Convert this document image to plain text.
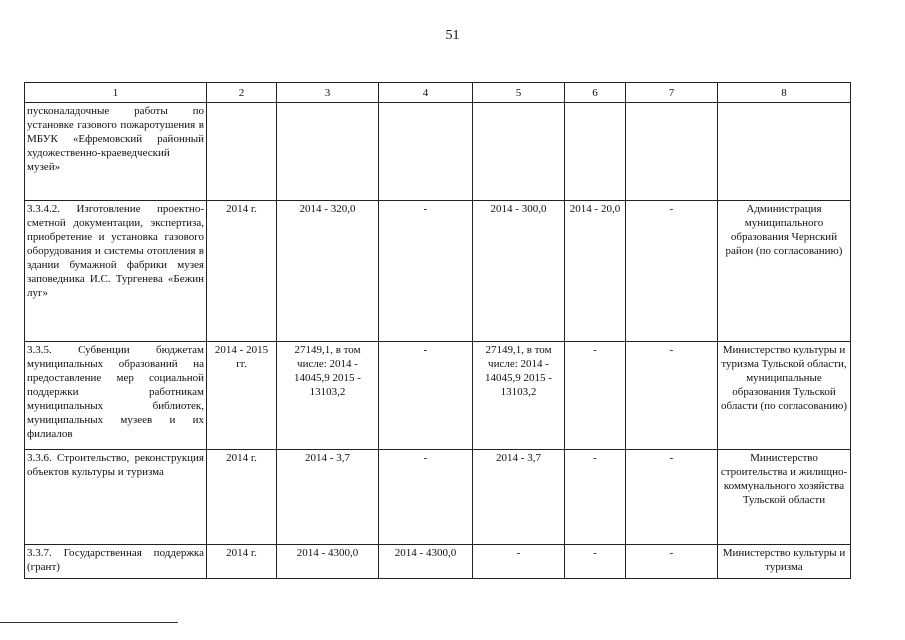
51
1	2	3	4	5	6	7	8
пусконаладочные работы по установке газового пожаротушения в МБУК «Ефремовский районный художественно-краеведческий музей»							
3.3.4.2. Изготовление проектно-сметной документации, экспертиза, приобретение и установка газового оборудования и системы отопления в здании бумажной фабрики музея заповедника И.С. Тургенева «Бежин луг»	2014 г.	2014 - 320,0	-	2014 - 300,0	2014 - 20,0	-	Администрация муниципального образования Чернский район (по согласованию)
3.3.5. Субвенции бюджетам муниципальных образований на предоставление мер социальной поддержки работникам муниципальных библиотек, муниципальных музеев и их филиалов	2014 - 2015 гг.	27149,1, в том числе: 2014 - 14045,9 2015 - 13103,2	-	27149,1, в том числе: 2014 - 14045,9 2015 - 13103,2	-	-	Министерство культуры и туризма Тульской области, муниципальные образования Тульской области (по согласованию)
3.3.6. Строительство, реконструкция объектов культуры и туризма	2014 г.	2014 - 3,7	-	2014 - 3,7	-	-	Министерство строительства и жилищно-коммунального хозяйства Тульской области
3.3.7. Государственная поддержка (грант)	2014 г.	2014 - 4300,0	2014 - 4300,0	-	-	-	Министерство культуры и туризма
